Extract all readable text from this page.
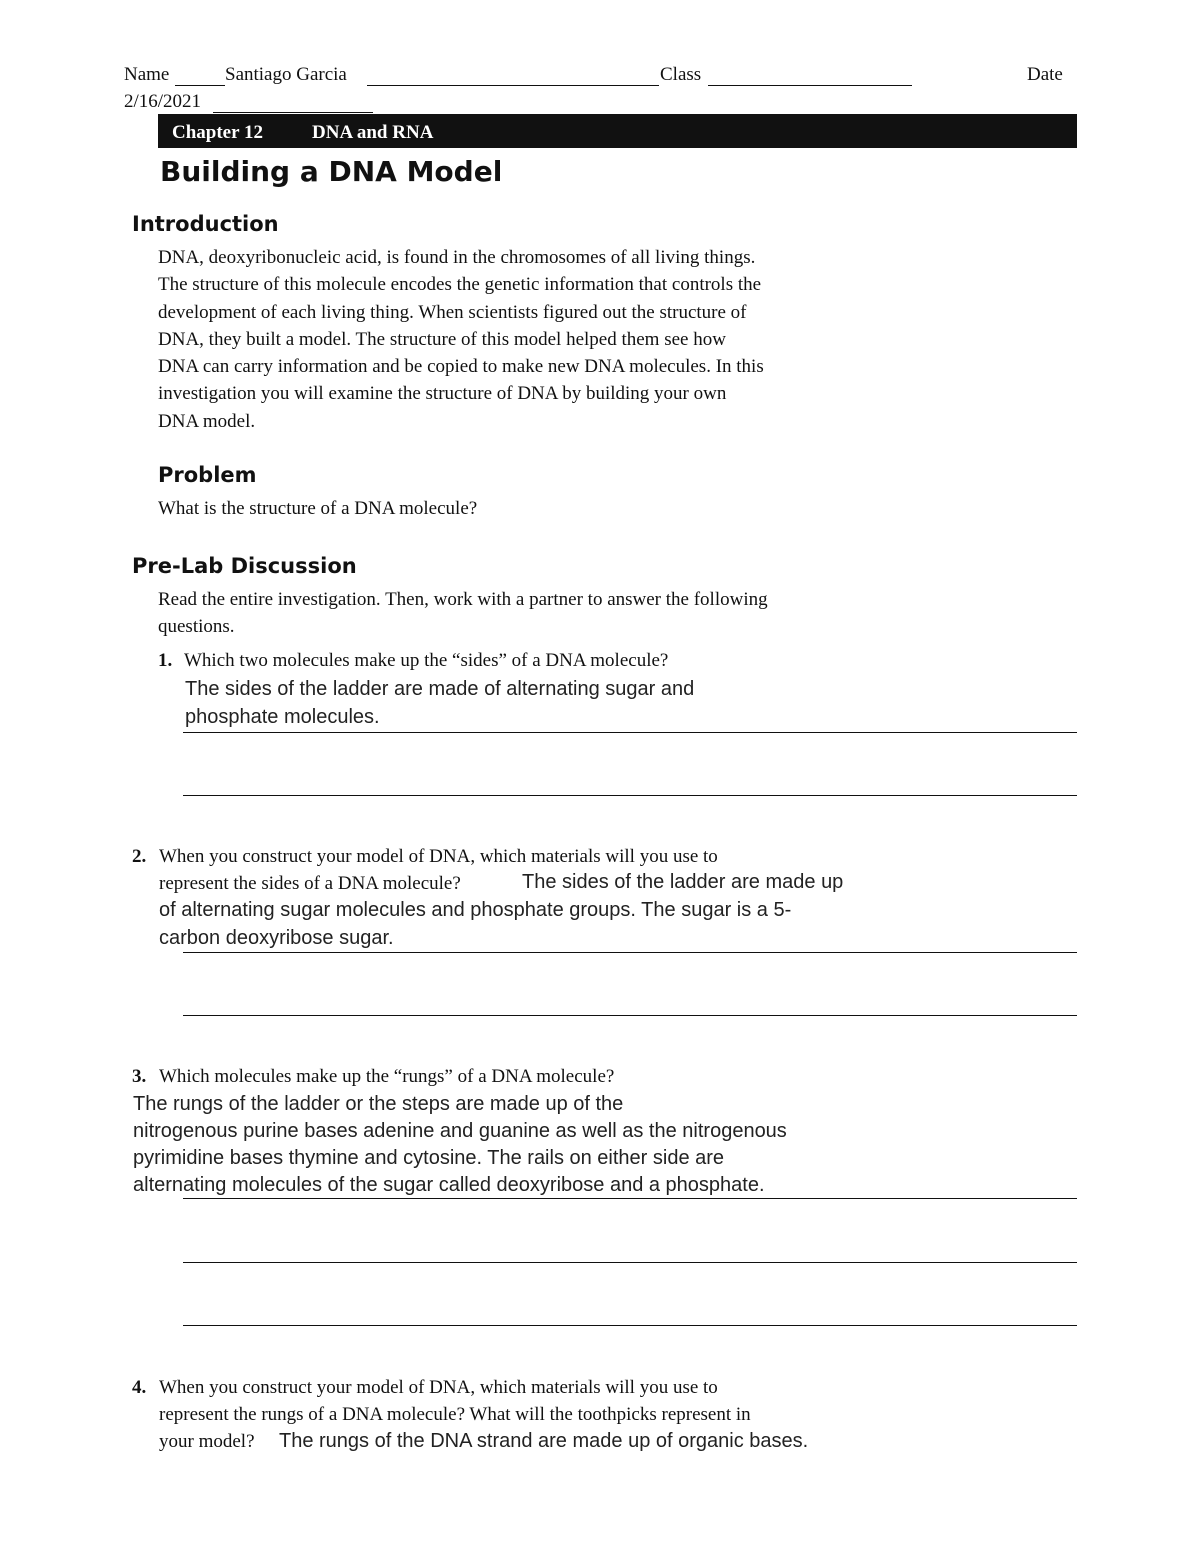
Name	Santiago Garcia	Class	Date
2/16/2021
Chapter 12	DNA and RNA
Building a DNA Model
Introduction
DNA, deoxyribonucleic acid, is found in the chromosomes of all living things.
The structure of this molecule encodes the genetic information that controls the
development of each living thing. When scientists figured out the structure of
DNA, they built a model. The structure of this model helped them see how
DNA can carry information and be copied to make new DNA molecules. In this
investigation you will examine the structure of DNA by building your own
DNA model.
Problem
What is the structure of a DNA molecule?
Pre-Lab Discussion
Read the entire investigation. Then, work with a partner to answer the following
questions.
1. Which two molecules make up the “sides” of a DNA molecule?
The sides of the ladder are made of alternating sugar and
phosphate molecules.
2. When you construct your model of DNA, which materials will you use to
represent the sides of a DNA molecule?	The sides of the ladder are made up
of alternating sugar molecules and phosphate groups. The sugar is a 5-
carbon deoxyribose sugar.
3. Which molecules make up the “rungs” of a DNA molecule?
The rungs of the ladder or the steps are made up of the
nitrogenous purine bases adenine and guanine as well as the nitrogenous
pyrimidine bases thymine and cytosine. The rails on either side are
alternating molecules of the sugar called deoxyribose and a phosphate.
4. When you construct your model of DNA, which materials will you use to
represent the rungs of a DNA molecule? What will the toothpicks represent in
your model? The rungs of the DNA strand are made up of organic bases.
